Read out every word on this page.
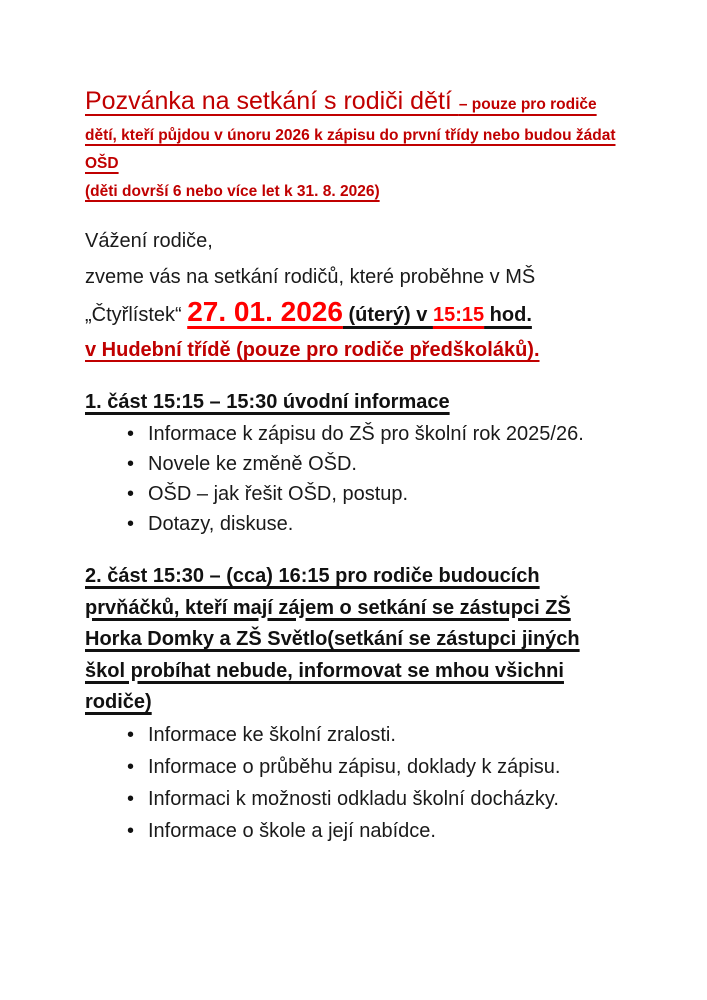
Pozvánka na setkání s rodiči dětí – pouze pro rodiče
dětí, kteří půjdou v únoru 2026 k zápisu do první třídy nebo budou žádat OŠD
(děti dovrší 6 nebo více let k 31. 8. 2026)

Vážení rodiče,

zveme vás na setkání rodičů, které proběhne v MŠ
„Čtyřlístek“ 27. 01. 2026 (úterý) v 15:15 hod.
v Hudební třídě (pouze pro rodiče předškoláků).
1. část 15:15 – 15:30 úvodní informace
• Informace k zápisu do ZŠ pro školní rok 2025/26.
• Novele ke změně OŠD.
• OŠD – jak řešit OŠD, postup.
• Dotazy, diskuse.
2. část 15:30 – (cca) 16:15 pro rodiče budoucích
prvňáčků, kteří mají zájem o setkání se zástupci ZŠ
Horka Domky a ZŠ Světlo(setkání se zástupci jiných
škol probíhat nebude, informovat se mhou všichni
rodiče)
• Informace ke školní zralosti.
• Informace o průběhu zápisu, doklady k zápisu.
• Informaci k možnosti odkladu školní docházky.
• Informace o škole a její nabídce.
